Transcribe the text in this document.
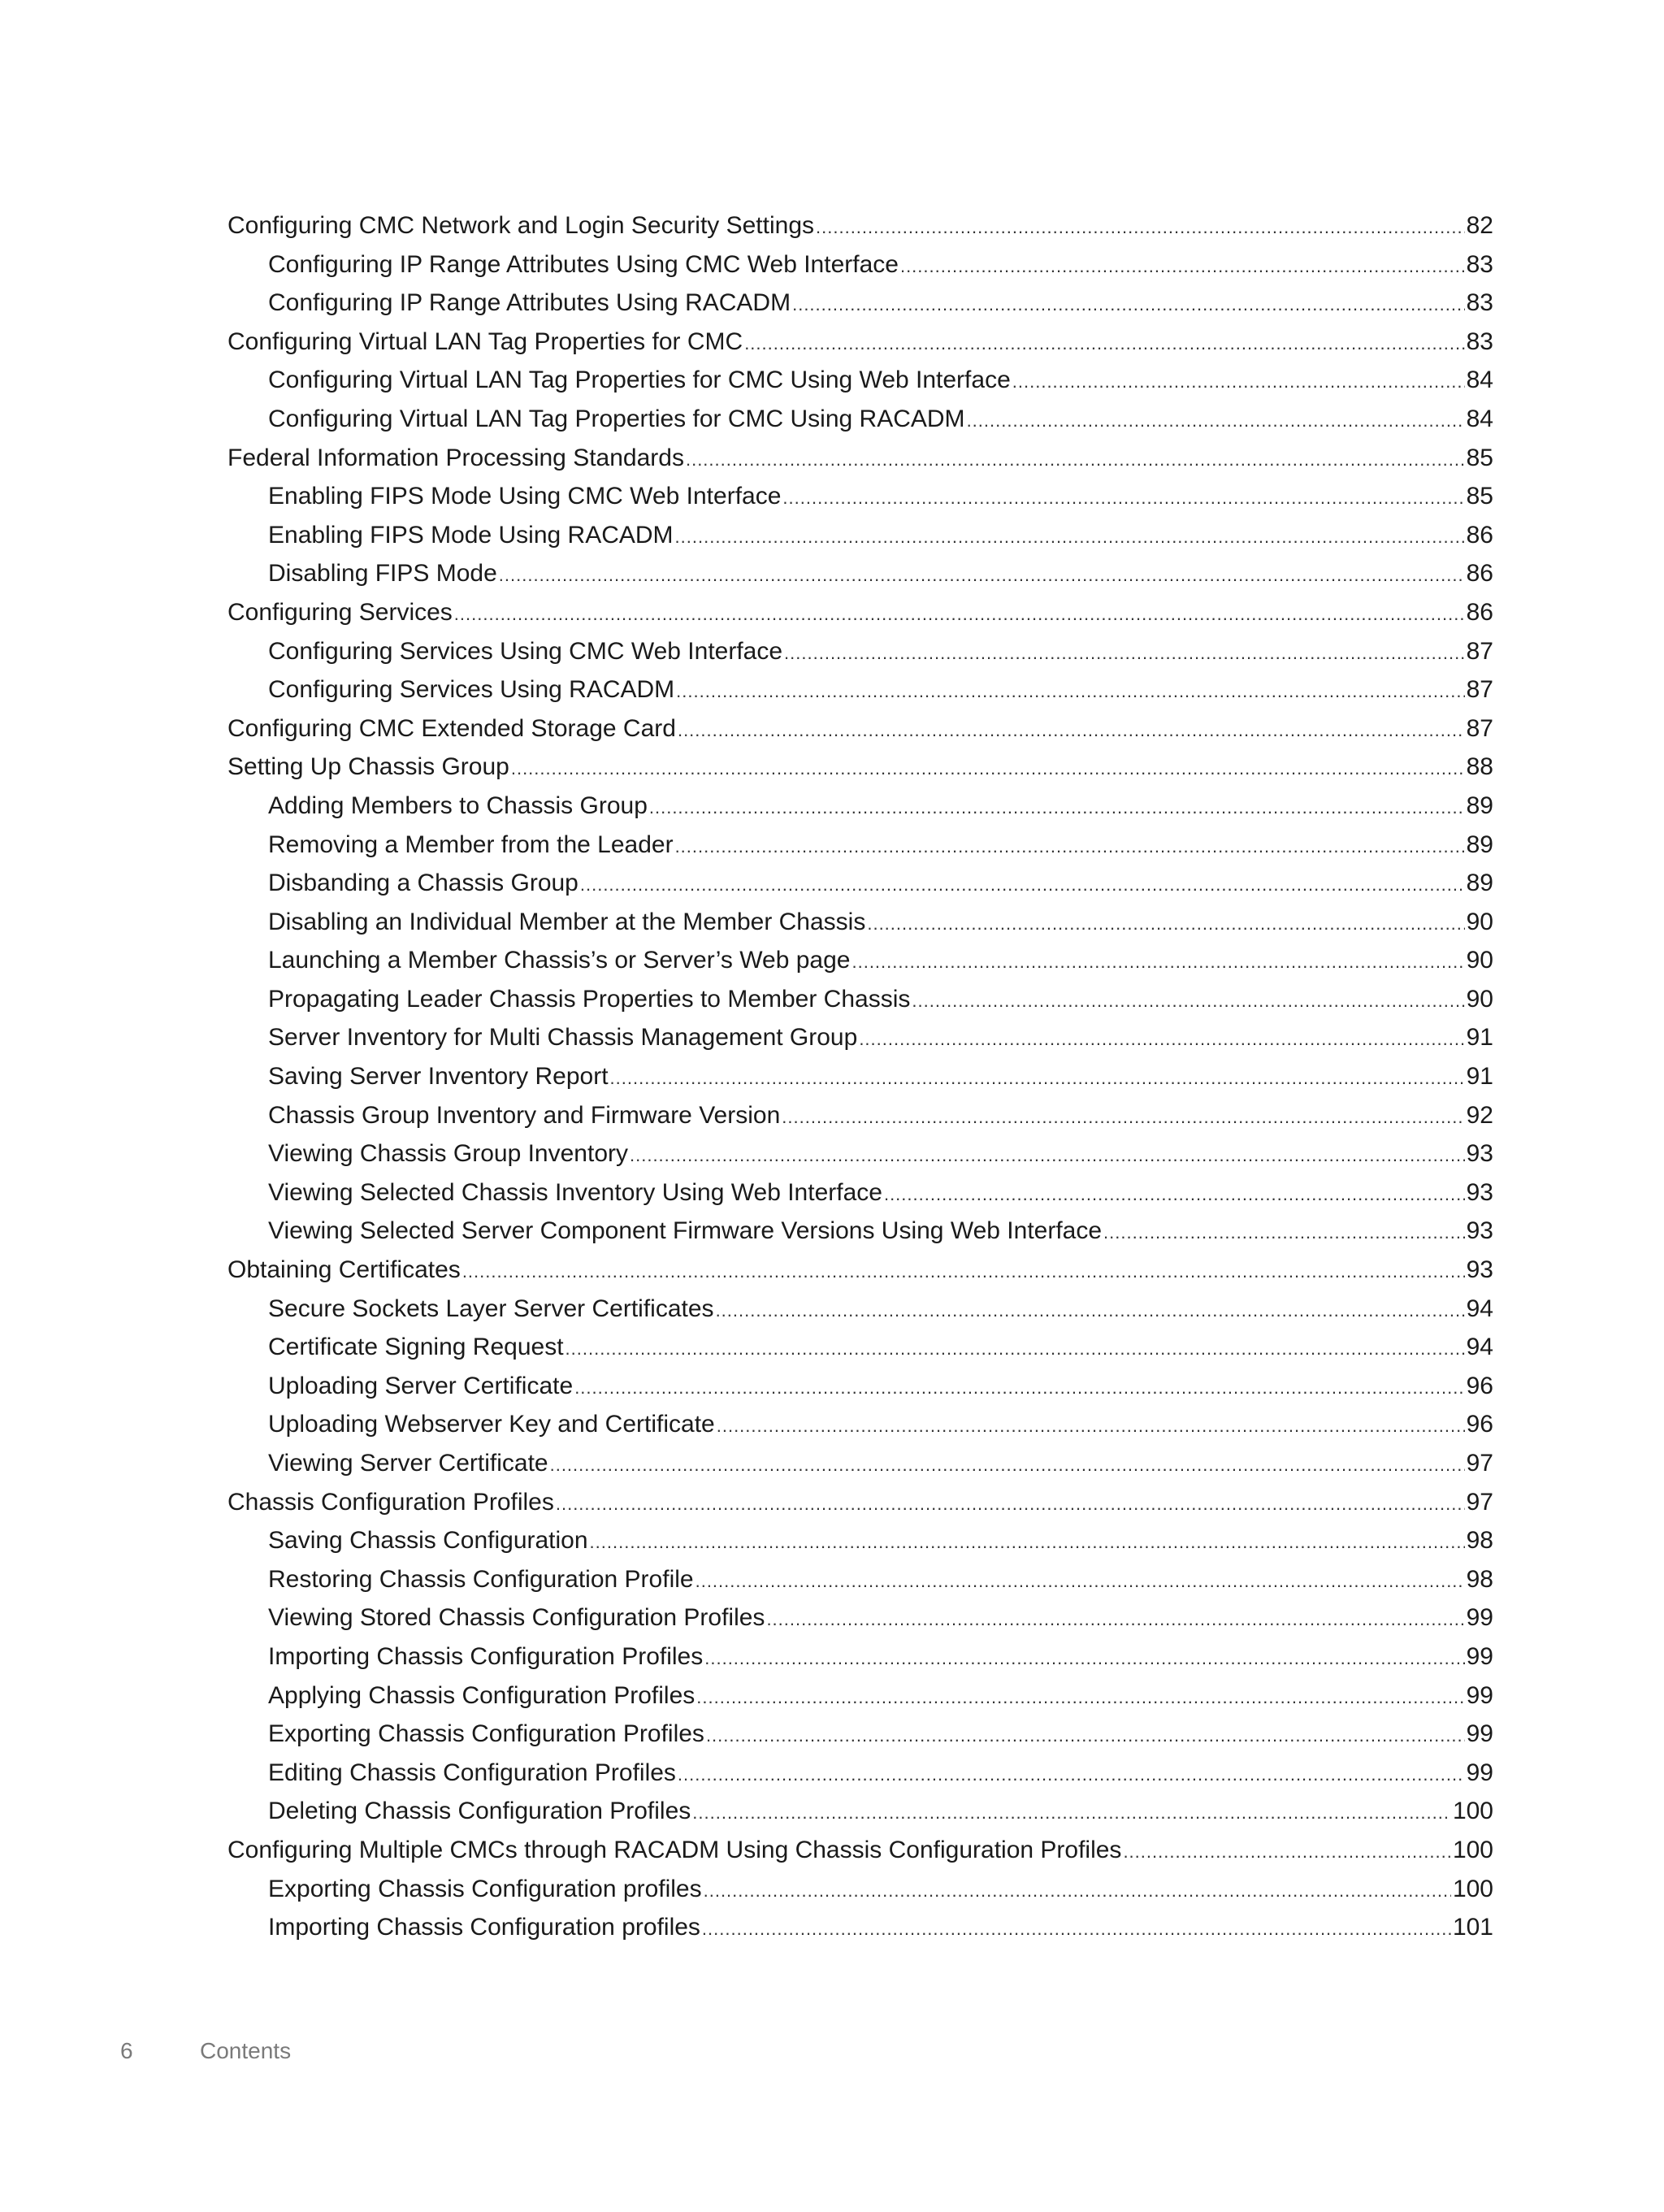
Configuring CMC Network and Login Security Settings .....	82
Configuring IP Range Attributes Using CMC Web Interface .....	83
Configuring IP Range Attributes Using RACADM .....	83
Configuring Virtual LAN Tag Properties for CMC .....	83
Configuring Virtual LAN Tag Properties for CMC Using Web Interface .....	84
Configuring Virtual LAN Tag Properties for CMC Using RACADM .....	84
Federal Information Processing Standards .....	85
Enabling FIPS Mode Using CMC Web Interface .....	85
Enabling FIPS Mode Using RACADM .....	86
Disabling FIPS Mode .....	86
Configuring Services .....	86
Configuring Services Using CMC Web Interface .....	87
Configuring Services Using RACADM .....	87
Configuring CMC Extended Storage Card .....	87
Setting Up Chassis Group .....	88
Adding Members to Chassis Group .....	89
Removing a Member from the Leader .....	89
Disbanding a Chassis Group .....	89
Disabling an Individual Member at the Member Chassis .....	90
Launching a Member Chassis’s or Server’s Web page .....	90
Propagating Leader Chassis Properties to Member Chassis .....	90
Server Inventory for Multi Chassis Management Group .....	91
Saving Server Inventory Report .....	91
Chassis Group Inventory and Firmware Version .....	92
Viewing Chassis Group Inventory .....	93
Viewing Selected Chassis Inventory Using Web Interface .....	93
Viewing Selected Server Component Firmware Versions Using Web Interface .....	93
Obtaining Certificates .....	93
Secure Sockets Layer Server Certificates .....	94
Certificate Signing Request .....	94
Uploading Server Certificate .....	96
Uploading Webserver Key and Certificate .....	96
Viewing Server Certificate .....	97
Chassis Configuration Profiles .....	97
Saving Chassis Configuration .....	98
Restoring Chassis Configuration Profile .....	98
Viewing Stored Chassis Configuration Profiles .....	99
Importing Chassis Configuration Profiles .....	99
Applying Chassis Configuration Profiles .....	99
Exporting Chassis Configuration Profiles .....	99
Editing Chassis Configuration Profiles .....	99
Deleting Chassis Configuration Profiles .....	100
Configuring Multiple CMCs through RACADM Using Chassis Configuration Profiles .....	100
Exporting Chassis Configuration profiles .....	100
Importing Chassis Configuration profiles .....	101
6	Contents
